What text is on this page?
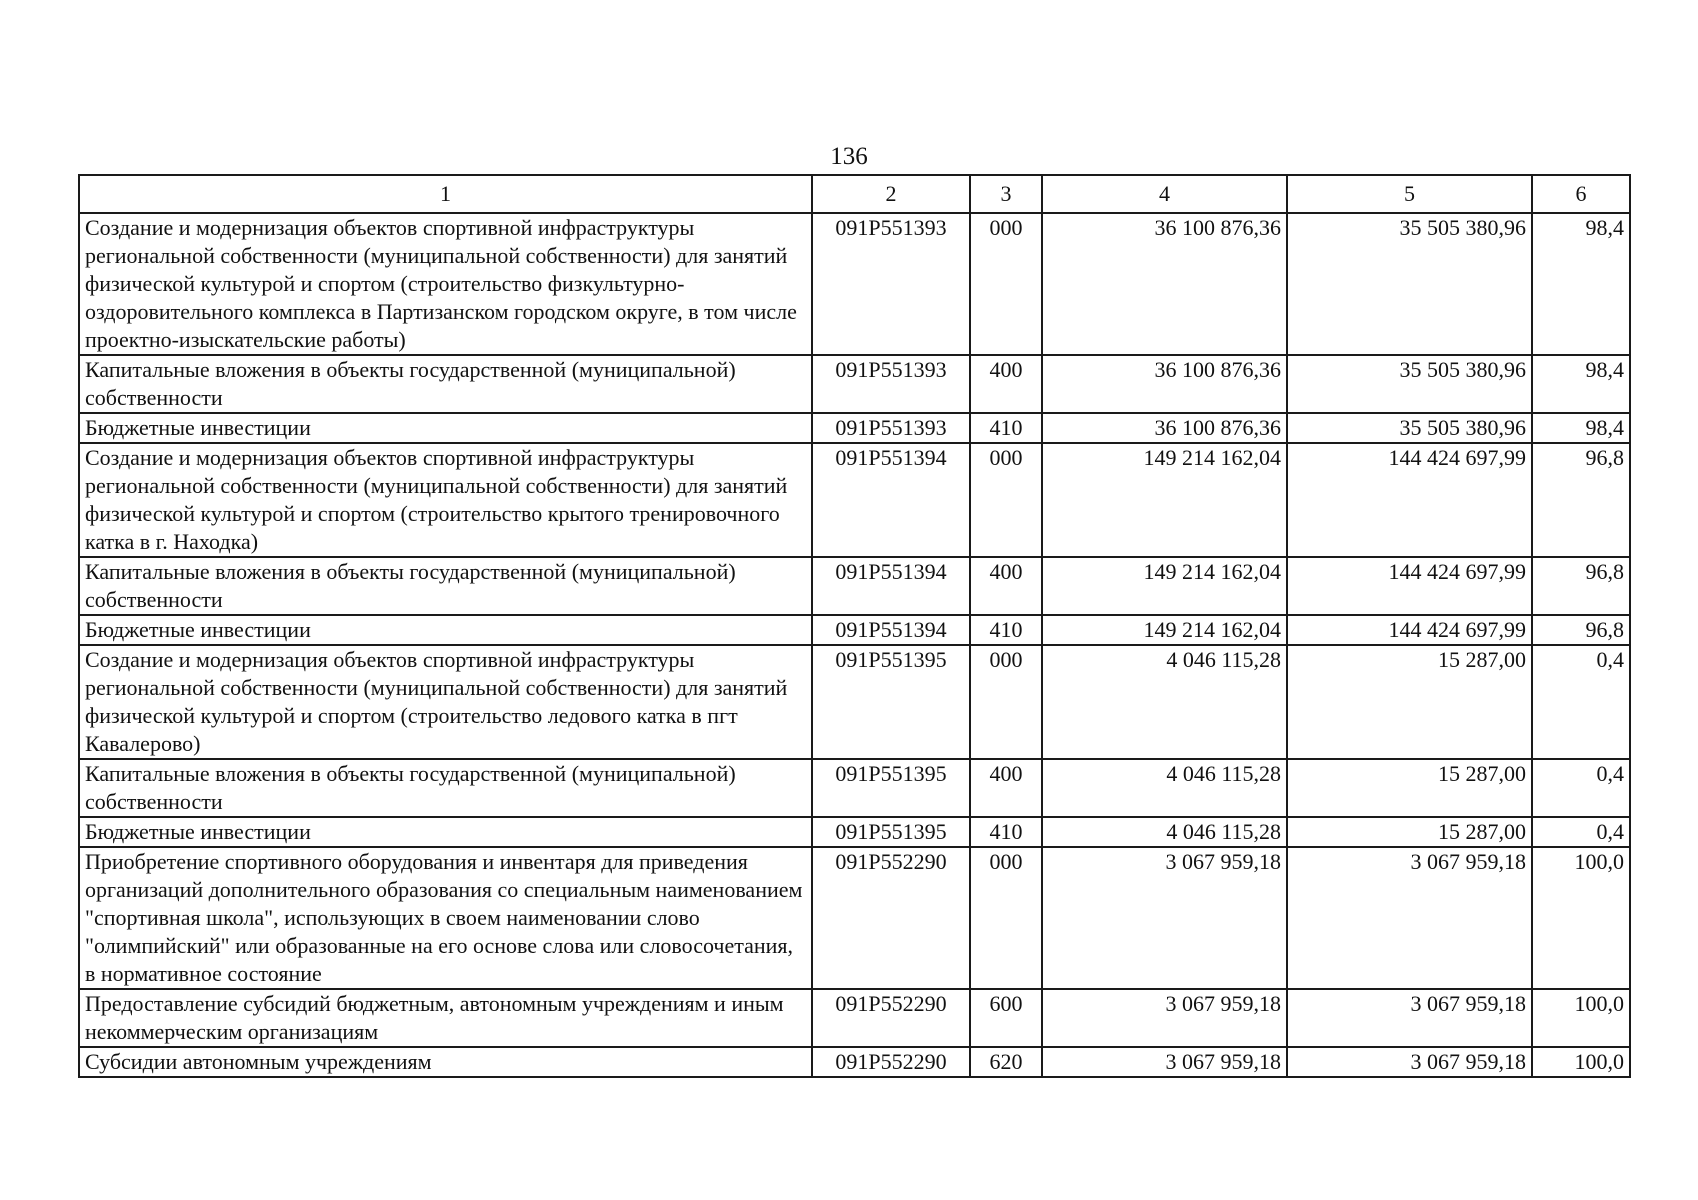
136
1	2	3	4	5	6
Создание и модернизация объектов спортивной инфраструктуры региональной собственности (муниципальной собственности) для занятий физической культурой и спортом (строительство физкультурно-оздоровительного комплекса в Партизанском городском округе, в том числе проектно-изыскательские работы)	091P551393	000	36 100 876,36	35 505 380,96	98,4
Капитальные вложения в объекты государственной (муниципальной) собственности	091P551393	400	36 100 876,36	35 505 380,96	98,4
Бюджетные инвестиции	091P551393	410	36 100 876,36	35 505 380,96	98,4
Создание и модернизация объектов спортивной инфраструктуры региональной собственности (муниципальной собственности) для занятий физической культурой и спортом (строительство крытого тренировочного катка в г. Находка)	091P551394	000	149 214 162,04	144 424 697,99	96,8
Капитальные вложения в объекты государственной (муниципальной) собственности	091P551394	400	149 214 162,04	144 424 697,99	96,8
Бюджетные инвестиции	091P551394	410	149 214 162,04	144 424 697,99	96,8
Создание и модернизация объектов спортивной инфраструктуры региональной собственности (муниципальной собственности) для занятий физической культурой и спортом (строительство ледового катка в пгт Кавалерово)	091P551395	000	4 046 115,28	15 287,00	0,4
Капитальные вложения в объекты государственной (муниципальной) собственности	091P551395	400	4 046 115,28	15 287,00	0,4
Бюджетные инвестиции	091P551395	410	4 046 115,28	15 287,00	0,4
Приобретение спортивного оборудования и инвентаря для приведения организаций дополнительного образования со специальным наименованием "спортивная школа", использующих в своем наименовании слово "олимпийский" или образованные на его основе слова или словосочетания, в нормативное состояние	091P552290	000	3 067 959,18	3 067 959,18	100,0
Предоставление субсидий бюджетным, автономным учреждениям и иным некоммерческим организациям	091P552290	600	3 067 959,18	3 067 959,18	100,0
Субсидии автономным учреждениям	091P552290	620	3 067 959,18	3 067 959,18	100,0
